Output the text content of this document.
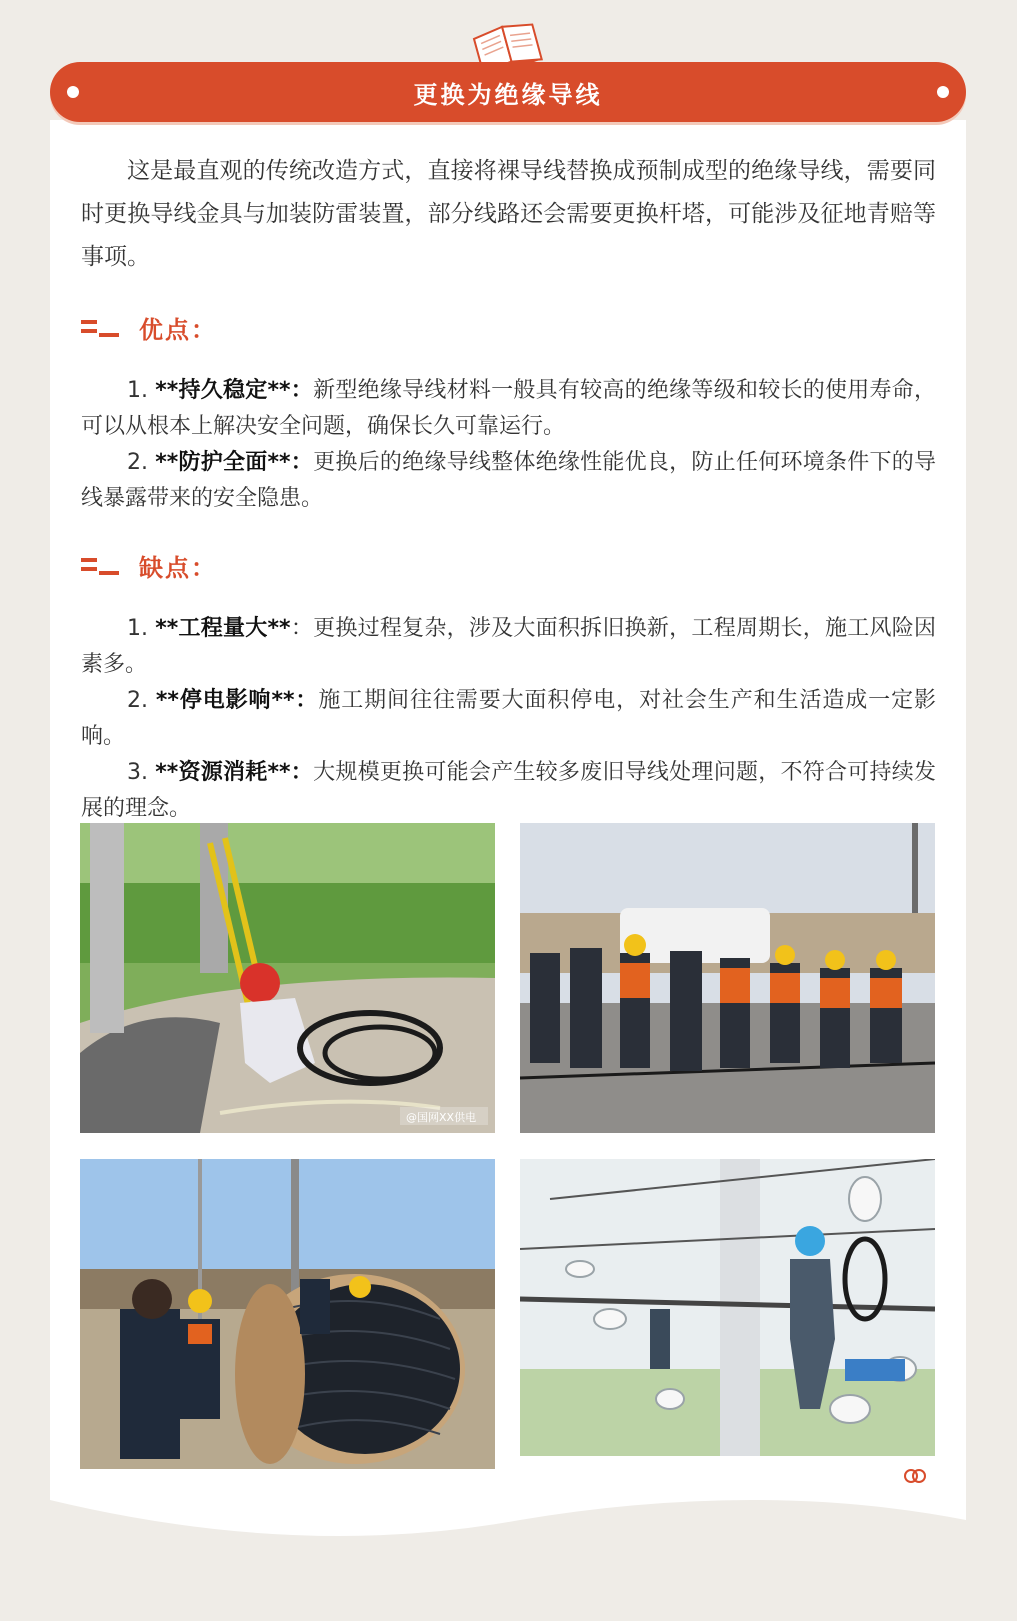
更换为绝缘导线

这是最直观的传统改造方式，直接将裸导线替换成预制成型的绝缘导线，需要同时更换导线金具与加装防雷装置，部分线路还会需要更换杆塔，可能涉及征地青赔等事项。

优点：

1. **持久稳定**：新型绝缘导线材料一般具有较高的绝缘等级和较长的使用寿命，可以从根本上解决安全问题，确保长久可靠运行。

2. **防护全面**：更换后的绝缘导线整体绝缘性能优良，防止任何环境条件下的导线暴露带来的安全隐患。

缺点：

1. **工程量大**：更换过程复杂，涉及大面积拆旧换新，工程周期长，施工风险因素多。

2. **停电影响**：施工期间往往需要大面积停电，对社会生产和生活造成一定影响。

3. **资源消耗**：大规模更换可能会产生较多废旧导线处理问题，不符合可持续发展的理念。

@国网XX供电
